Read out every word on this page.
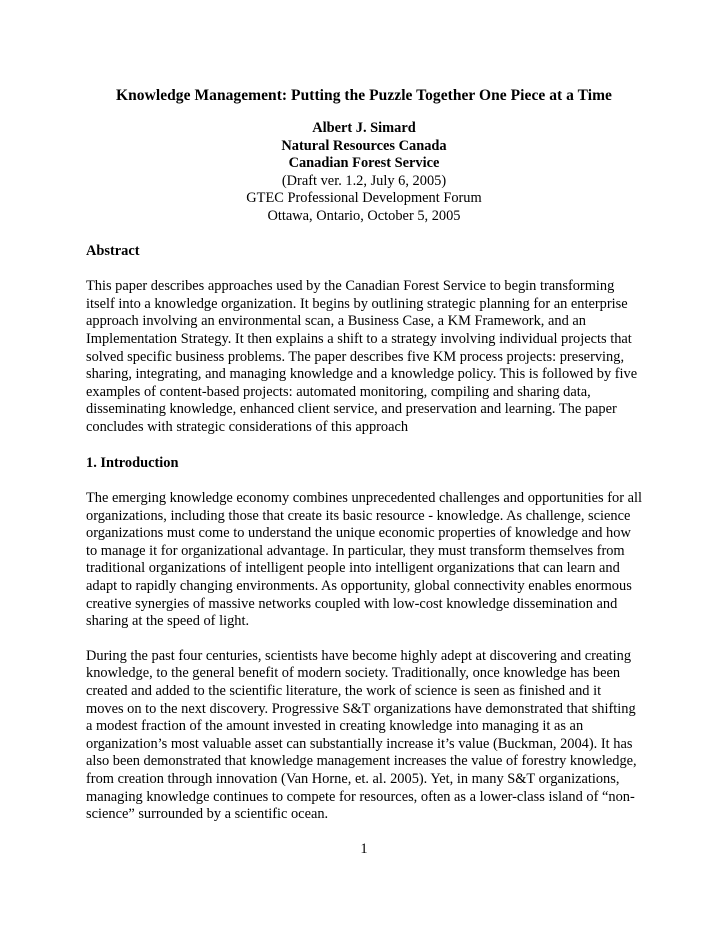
Knowledge Management: Putting the Puzzle Together One Piece at a Time
Albert J. Simard
Natural Resources Canada
Canadian Forest Service
(Draft ver. 1.2, July 6, 2005)
GTEC Professional Development Forum
Ottawa, Ontario, October 5, 2005
Abstract

This paper describes approaches used by the Canadian Forest Service to begin transforming itself into a knowledge organization. It begins by outlining strategic planning for an enterprise approach involving an environmental scan, a Business Case, a KM Framework, and an Implementation Strategy. It then explains a shift to a strategy involving individual projects that solved specific business problems. The paper describes five KM process projects: preserving, sharing, integrating, and managing knowledge and a knowledge policy. This is followed by five examples of content-based projects: automated monitoring, compiling and sharing data, disseminating knowledge, enhanced client service, and preservation and learning. The paper concludes with strategic considerations of this approach

1. Introduction

The emerging knowledge economy combines unprecedented challenges and opportunities for all organizations, including those that create its basic resource - knowledge. As challenge, science organizations must come to understand the unique economic properties of knowledge and how to manage it for organizational advantage. In particular, they must transform themselves from traditional organizations of intelligent people into intelligent organizations that can learn and adapt to rapidly changing environments. As opportunity, global connectivity enables enormous creative synergies of massive networks coupled with low-cost knowledge dissemination and sharing at the speed of light.

During the past four centuries, scientists have become highly adept at discovering and creating knowledge, to the general benefit of modern society. Traditionally, once knowledge has been created and added to the scientific literature, the work of science is seen as finished and it moves on to the next discovery. Progressive S&T organizations have demonstrated that shifting a modest fraction of the amount invested in creating knowledge into managing it as an organization’s most valuable asset can substantially increase it’s value (Buckman, 2004). It has also been demonstrated that knowledge management increases the value of forestry knowledge, from creation through innovation (Van Horne, et. al. 2005). Yet, in many S&T organizations, managing knowledge continues to compete for resources, often as a lower-class island of “non-science” surrounded by a scientific ocean.

1
